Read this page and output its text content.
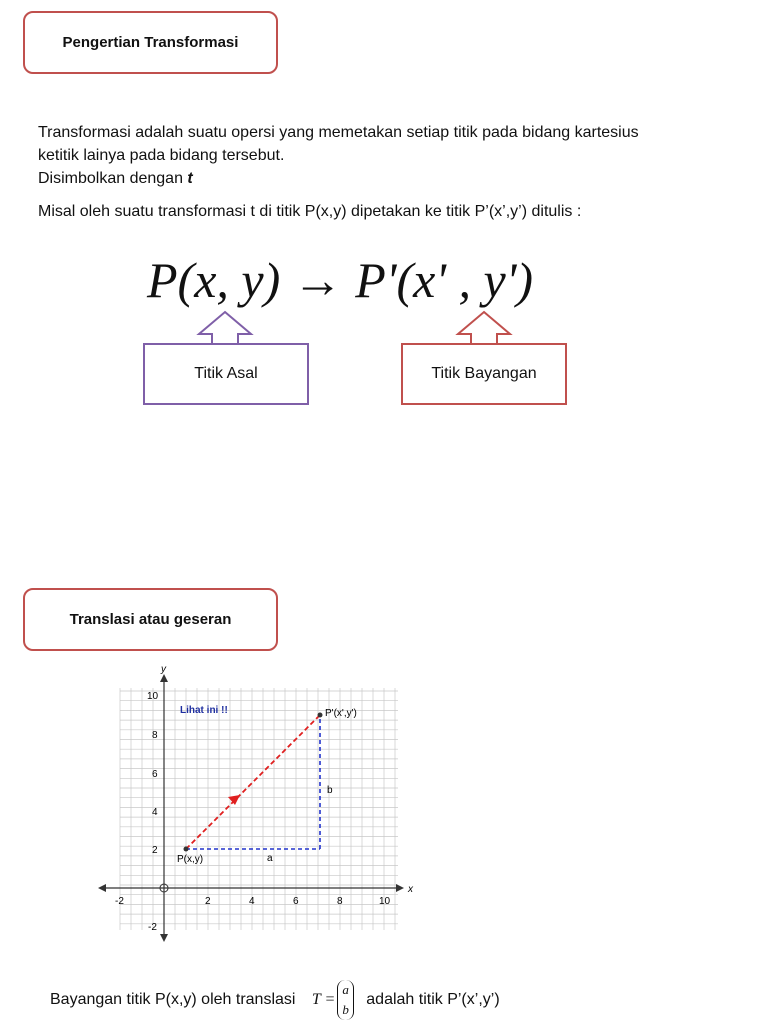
Pengertian Transformasi
Transformasi adalah suatu opersi yang memetakan setiap titik pada bidang kartesius
ketitik lainya pada bidang tersebut.
Disimbolkan dengan t
Misal oleh suatu transformasi t di titik P(x,y) dipetakan ke titik P’(x’,y’) ditulis :
P(x, y) → P'(x' , y')
Titik Asal	Titik Bayangan
Translasi atau geseran
x
y
-2	2	4	6	8	10
10
8
6
4
2
-2
Lihat ini !!
P(x,y)
P'(x',y')
a
b
Bayangan titik P(x,y) oleh translasi T =
a
b
adalah titik P’(x’,y’)
